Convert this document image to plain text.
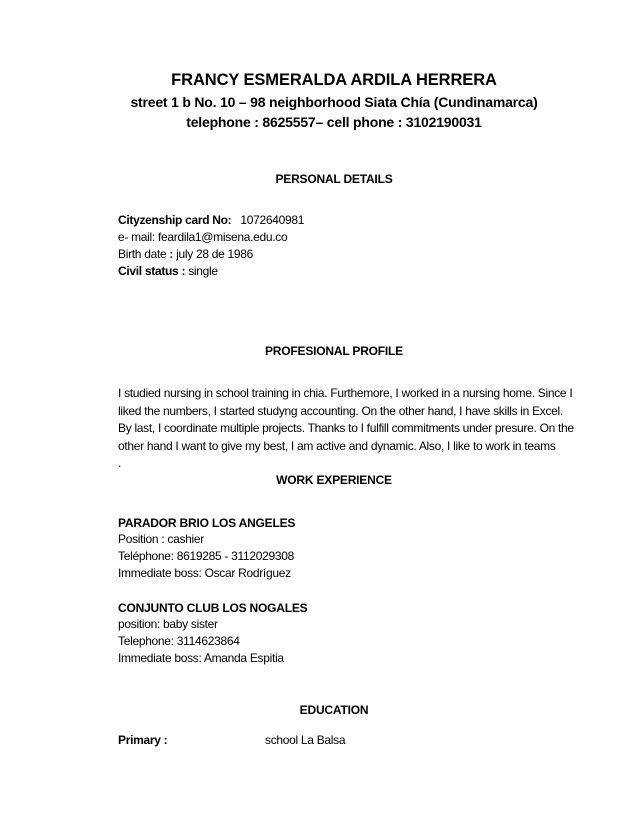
FRANCY ESMERALDA ARDILA HERRERA
street 1 b No. 10 – 98 neighborhood Siata Chía (Cundinamarca)
telephone : 8625557– cell phone : 3102190031
PERSONAL DETAILS
Cityzenship card No: 1072640981
e- mail: feardila1@misena.edu.co
Birth date : july 28 de 1986
Civil status : single
PROFESIONAL PROFILE
I studied nursing in school training in chia. Furthemore, I worked in a nursing home. Since I
liked the numbers, I started studyng accounting. On the other hand, I have skills in Excel.
By last, I coordinate multiple projects. Thanks to I fulfill commitments under presure. On the
other hand I want to give my best, I am active and dynamic. Also, I like to work in teams
.
WORK EXPERIENCE
PARADOR BRIO LOS ANGELES
Position : cashier
Teléphone: 8619285 - 3112029308
Immediate boss: Oscar Rodríguez
CONJUNTO CLUB LOS NOGALES
position: baby sister
Telephone: 3114623864
Immediate boss: Amanda Espitia
EDUCATION
Primary :	school La Balsa
